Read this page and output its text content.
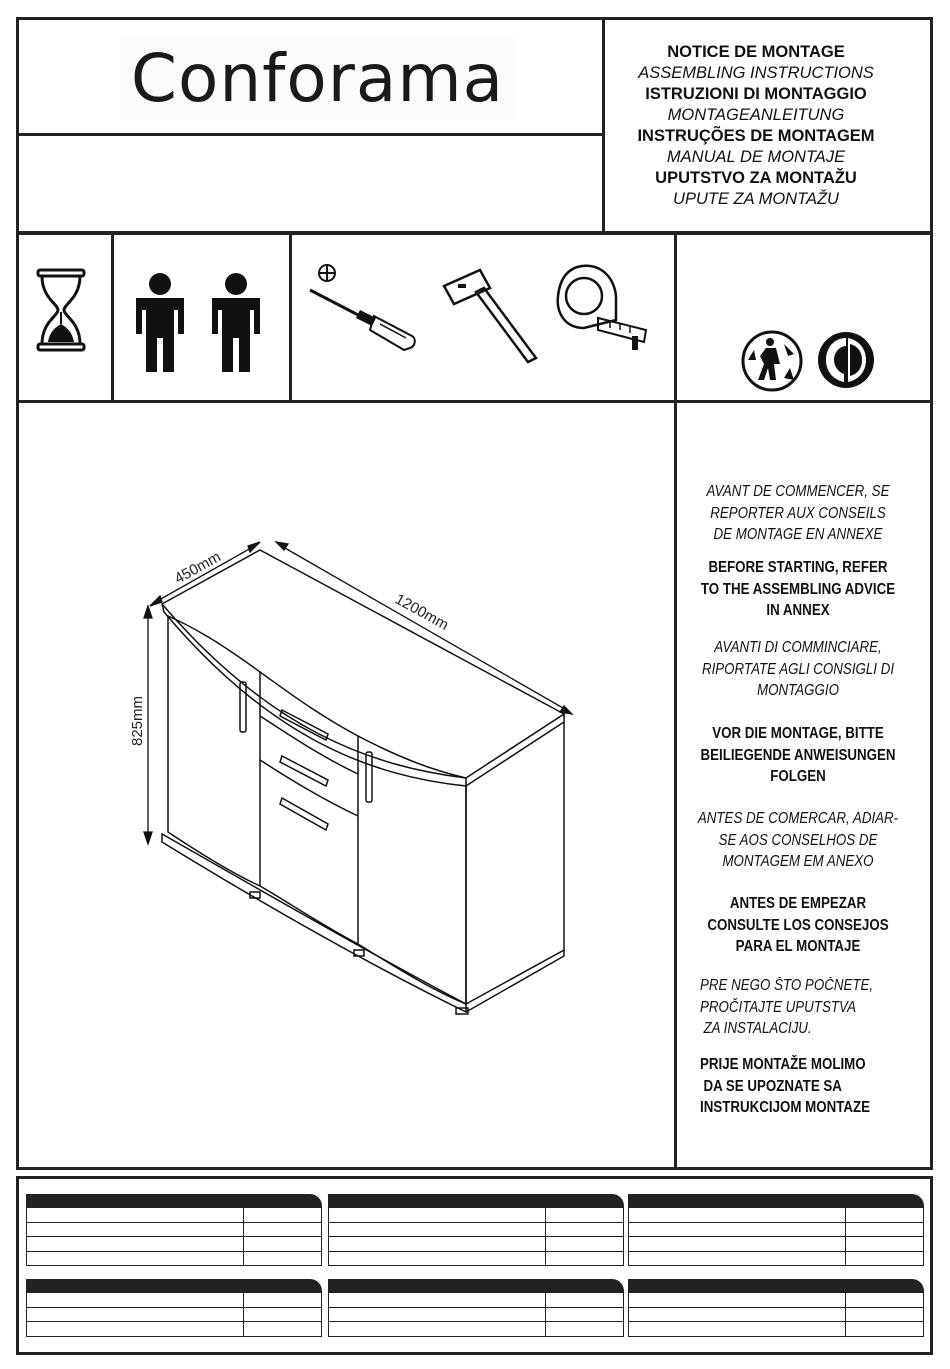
Conforama	NOTICE DE MONTAGE
ASSEMBLING INSTRUCTIONS
ISTRUZIONI DI MONTAGGIO
MONTAGEANLEITUNG
INSTRUÇÕES DE MONTAGEM
MANUAL DE MONTAJE
UPUTSTVO ZA MONTAŽU
UPUTE ZA MONTAŽU
450mm
1200mm
825mm
AVANT DE COMMENCER, SE
REPORTER AUX CONSEILS
DE MONTAGE EN ANNEXE
BEFORE STARTING, REFER
TO THE ASSEMBLING ADVICE
IN ANNEX
AVANTI DI COMMINCIARE,
RIPORTATE AGLI CONSIGLI DI
MONTAGGIO
VOR DIE MONTAGE, BITTE
BEILIEGENDE ANWEISUNGEN
FOLGEN
ANTES DE COMERCAR, ADIAR-
SE AOS CONSELHOS DE
MONTAGEM EM ANEXO
ANTES DE EMPEZAR
CONSULTE LOS CONSEJOS
PARA EL MONTAJE
PRE NEGO ŠTO POČNETE,
PROČITAJTE UPUTSTVA
ZA INSTALACIJU.
PRIJE MONTAŽE MOLIMO
DA SE UPOZNATE SA
INSTRUKCIJOM MONTAZE
